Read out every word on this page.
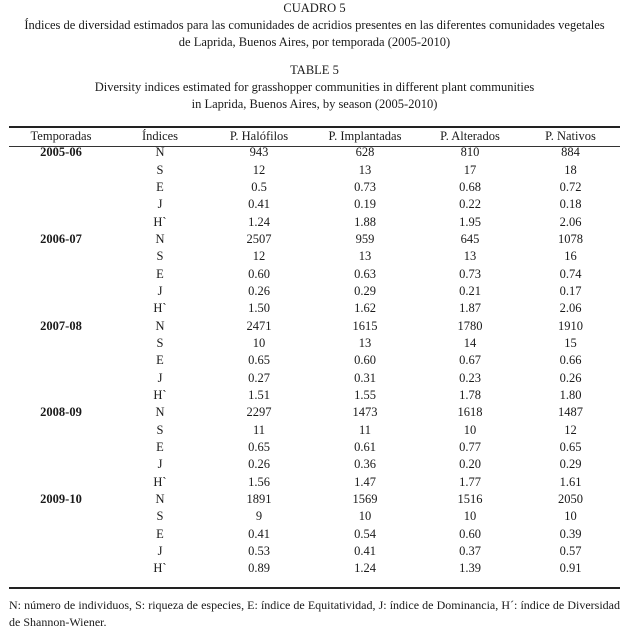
CUADRO 5

Índices de diversidad estimados para las comunidades de acridios presentes en las diferentes comunidades vegetales

de Laprida, Buenos Aires, por temporada (2005-2010)

TABLE 5

Diversity indices estimated for grasshopper communities in different plant communities

in Laprida, Buenos Aires, by season (2005-2010)

Temporadas	Índices	P. Halófilos	P. Implantadas	P. Alterados	P. Nativos
2005-06	N	943	628	810	884
	S	12	13	17	18
	E	0.5	0.73	0.68	0.72
	J	0.41	0.19	0.22	0.18
	H`	1.24	1.88	1.95	2.06
2006-07	N	2507	959	645	1078
	S	12	13	13	16
	E	0.60	0.63	0.73	0.74
	J	0.26	0.29	0.21	0.17
	H`	1.50	1.62	1.87	2.06
2007-08	N	2471	1615	1780	1910
	S	10	13	14	15
	E	0.65	0.60	0.67	0.66
	J	0.27	0.31	0.23	0.26
	H`	1.51	1.55	1.78	1.80
2008-09	N	2297	1473	1618	1487
	S	11	11	10	12
	E	0.65	0.61	0.77	0.65
	J	0.26	0.36	0.20	0.29
	H`	1.56	1.47	1.77	1.61
2009-10	N	1891	1569	1516	2050
	S	9	10	10	10
	E	0.41	0.54	0.60	0.39
	J	0.53	0.41	0.37	0.57
	H`	0.89	1.24	1.39	0.91
N: número de individuos, S: riqueza de especies, E: índice de Equitatividad, J: índice de Dominancia, H´: índice de Diversidad de Shannon-Wiener.
